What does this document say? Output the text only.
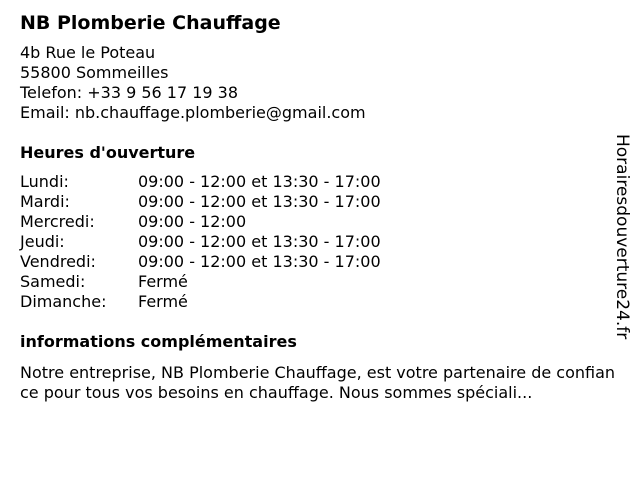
NB Plomberie Chauffage
4b Rue le Poteau
55800 Sommeilles
Telefon: +33 9 56 17 19 38
Email: nb.chauffage.plomberie@gmail.com
Heures d'ouverture
Lundi:	09:00 - 12:00 et 13:30 - 17:00
Mardi:	09:00 - 12:00 et 13:30 - 17:00
Mercredi:	09:00 - 12:00
Jeudi:	09:00 - 12:00 et 13:30 - 17:00
Vendredi:	09:00 - 12:00 et 13:30 - 17:00
Samedi:	Fermé
Dimanche:	Fermé
informations complémentaires
Notre entreprise, NB Plomberie Chauffage, est votre partenaire de confiance pour tous vos besoins en chauffage. Nous sommes spéciali...
Horairesdouverture24.fr
